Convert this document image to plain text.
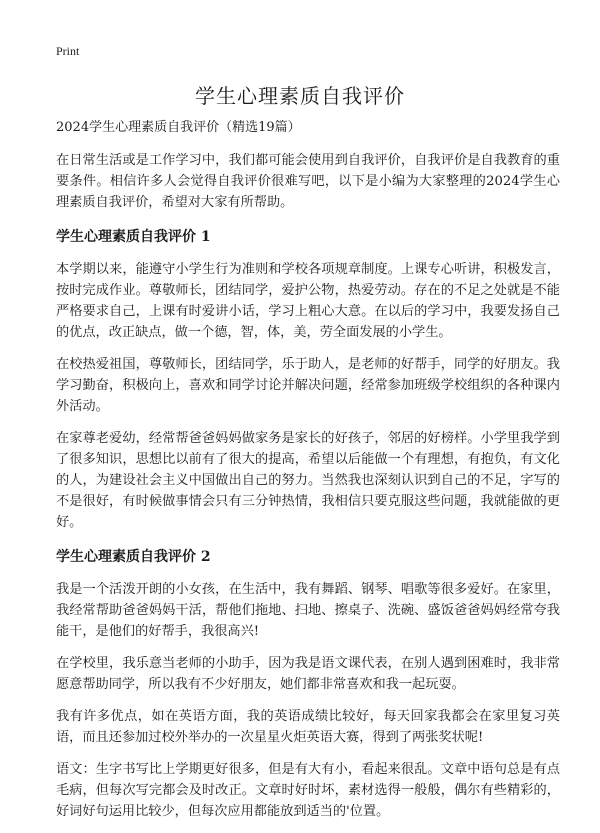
Print
学生心理素质自我评价

2024学生心理素质自我评价（精选19篇）

在日常生活或是工作学习中，我们都可能会使用到自我评价，自我评价是自我教育的重要条件。相信许多人会觉得自我评价很难写吧，以下是小编为大家整理的2024学生心理素质自我评价，希望对大家有所帮助。

学生心理素质自我评价 1

本学期以来，能遵守小学生行为准则和学校各项规章制度。上课专心听讲，积极发言，按时完成作业。尊敬师长，团结同学，爱护公物，热爱劳动。存在的不足之处就是不能严格要求自己，上课有时爱讲小话，学习上粗心大意。在以后的学习中，我要发扬自己的优点，改正缺点，做一个德，智，体，美，劳全面发展的小学生。

在校热爱祖国，尊敬师长，团结同学，乐于助人，是老师的好帮手，同学的好朋友。我学习勤奋，积极向上，喜欢和同学讨论并解决问题，经常参加班级学校组织的各种课内外活动。

在家尊老爱幼，经常帮爸爸妈妈做家务是家长的好孩子，邻居的好榜样。小学里我学到了很多知识，思想比以前有了很大的提高，希望以后能做一个有理想，有抱负，有文化的人，为建设社会主义中国做出自己的努力。当然我也深刻认识到自己的不足，字写的不是很好，有时候做事情会只有三分钟热情，我相信只要克服这些问题，我就能做的更好。

学生心理素质自我评价 2

我是一个活泼开朗的小女孩，在生活中，我有舞蹈、钢琴、唱歌等很多爱好。在家里，我经常帮助爸爸妈妈干活，帮他们拖地、扫地、擦桌子、洗碗、盛饭爸爸妈妈经常夸我能干，是他们的好帮手，我很高兴!

在学校里，我乐意当老师的小助手，因为我是语文课代表，在别人遇到困难时，我非常愿意帮助同学，所以我有不少好朋友，她们都非常喜欢和我一起玩耍。

我有许多优点，如在英语方面，我的英语成绩比较好，每天回家我都会在家里复习英语，而且还参加过校外举办的一次星星火炬英语大赛，得到了两张奖状呢!

语文：生字书写比上学期更好很多，但是有大有小，看起来很乱。文章中语句总是有点毛病，但每次写完都会及时改正。文章时好时坏，素材选得一般般，偶尔有些精彩的，好词好句运用比较少，但每次应用都能放到适当的'位置。
